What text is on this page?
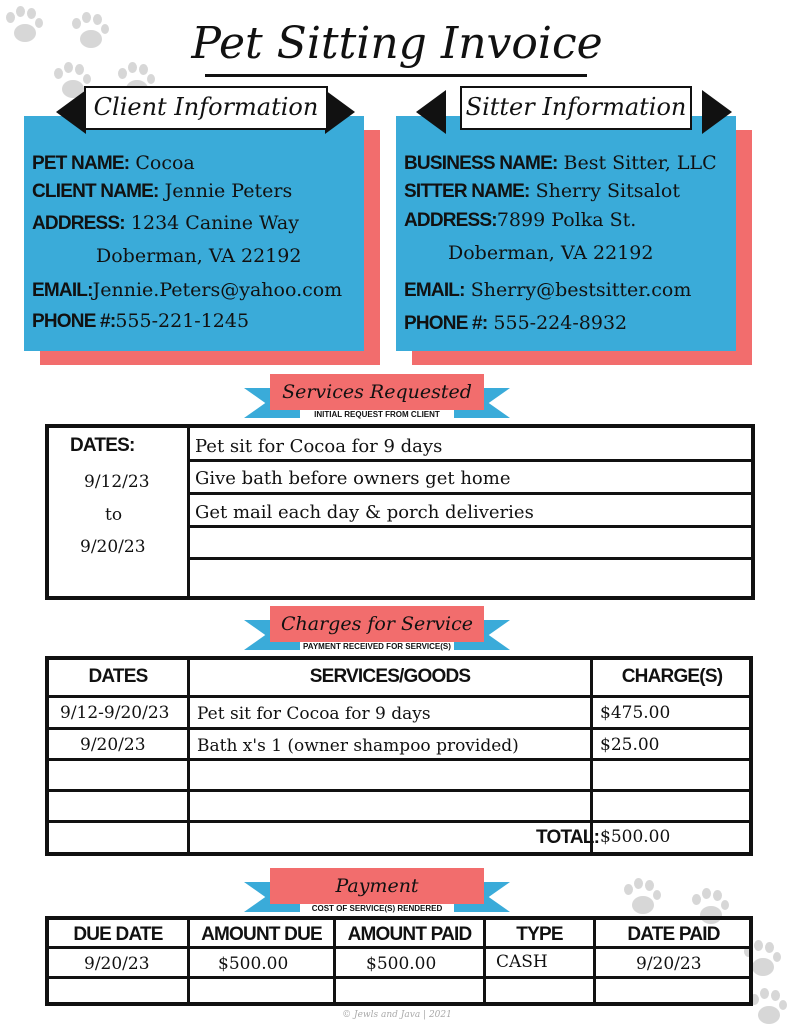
Pet Sitting Invoice
Client Information
PET NAME: Cocoa
CLIENT NAME: Jennie Peters
ADDRESS: 1234 Canine Way
Doberman, VA 22192
EMAIL:Jennie.Peters@yahoo.com
PHONE #:555-221-1245
Sitter Information
BUSINESS NAME: Best Sitter, LLC
SITTER NAME: Sherry Sitsalot
ADDRESS:7899 Polka St.
Doberman, VA 22192
EMAIL: Sherry@bestsitter.com
PHONE #: 555-224-8932
Services Requested
INITIAL REQUEST FROM CLIENT
DATES:
9/12/23
to
9/20/23
Pet sit for Cocoa for 9 days
Give bath before owners get home
Get mail each day & porch deliveries
Charges for Service
PAYMENT RECEIVED FOR SERVICE(S)
DATES	SERVICES/GOODS	CHARGE(S)
9/12-9/20/23 Pet sit for Cocoa for 9 days	$475.00
9/20/23	Bath x's 1 (owner shampoo provided)	$25.00
TOTAL: $500.00
Payment
COST OF SERVICE(S) RENDERED
DUE DATE	AMOUNT DUE	AMOUNT PAID	TYPE	DATE PAID
9/20/23	$500.00	$500.00	CASH	9/20/23
© Jewls and Java | 2021
